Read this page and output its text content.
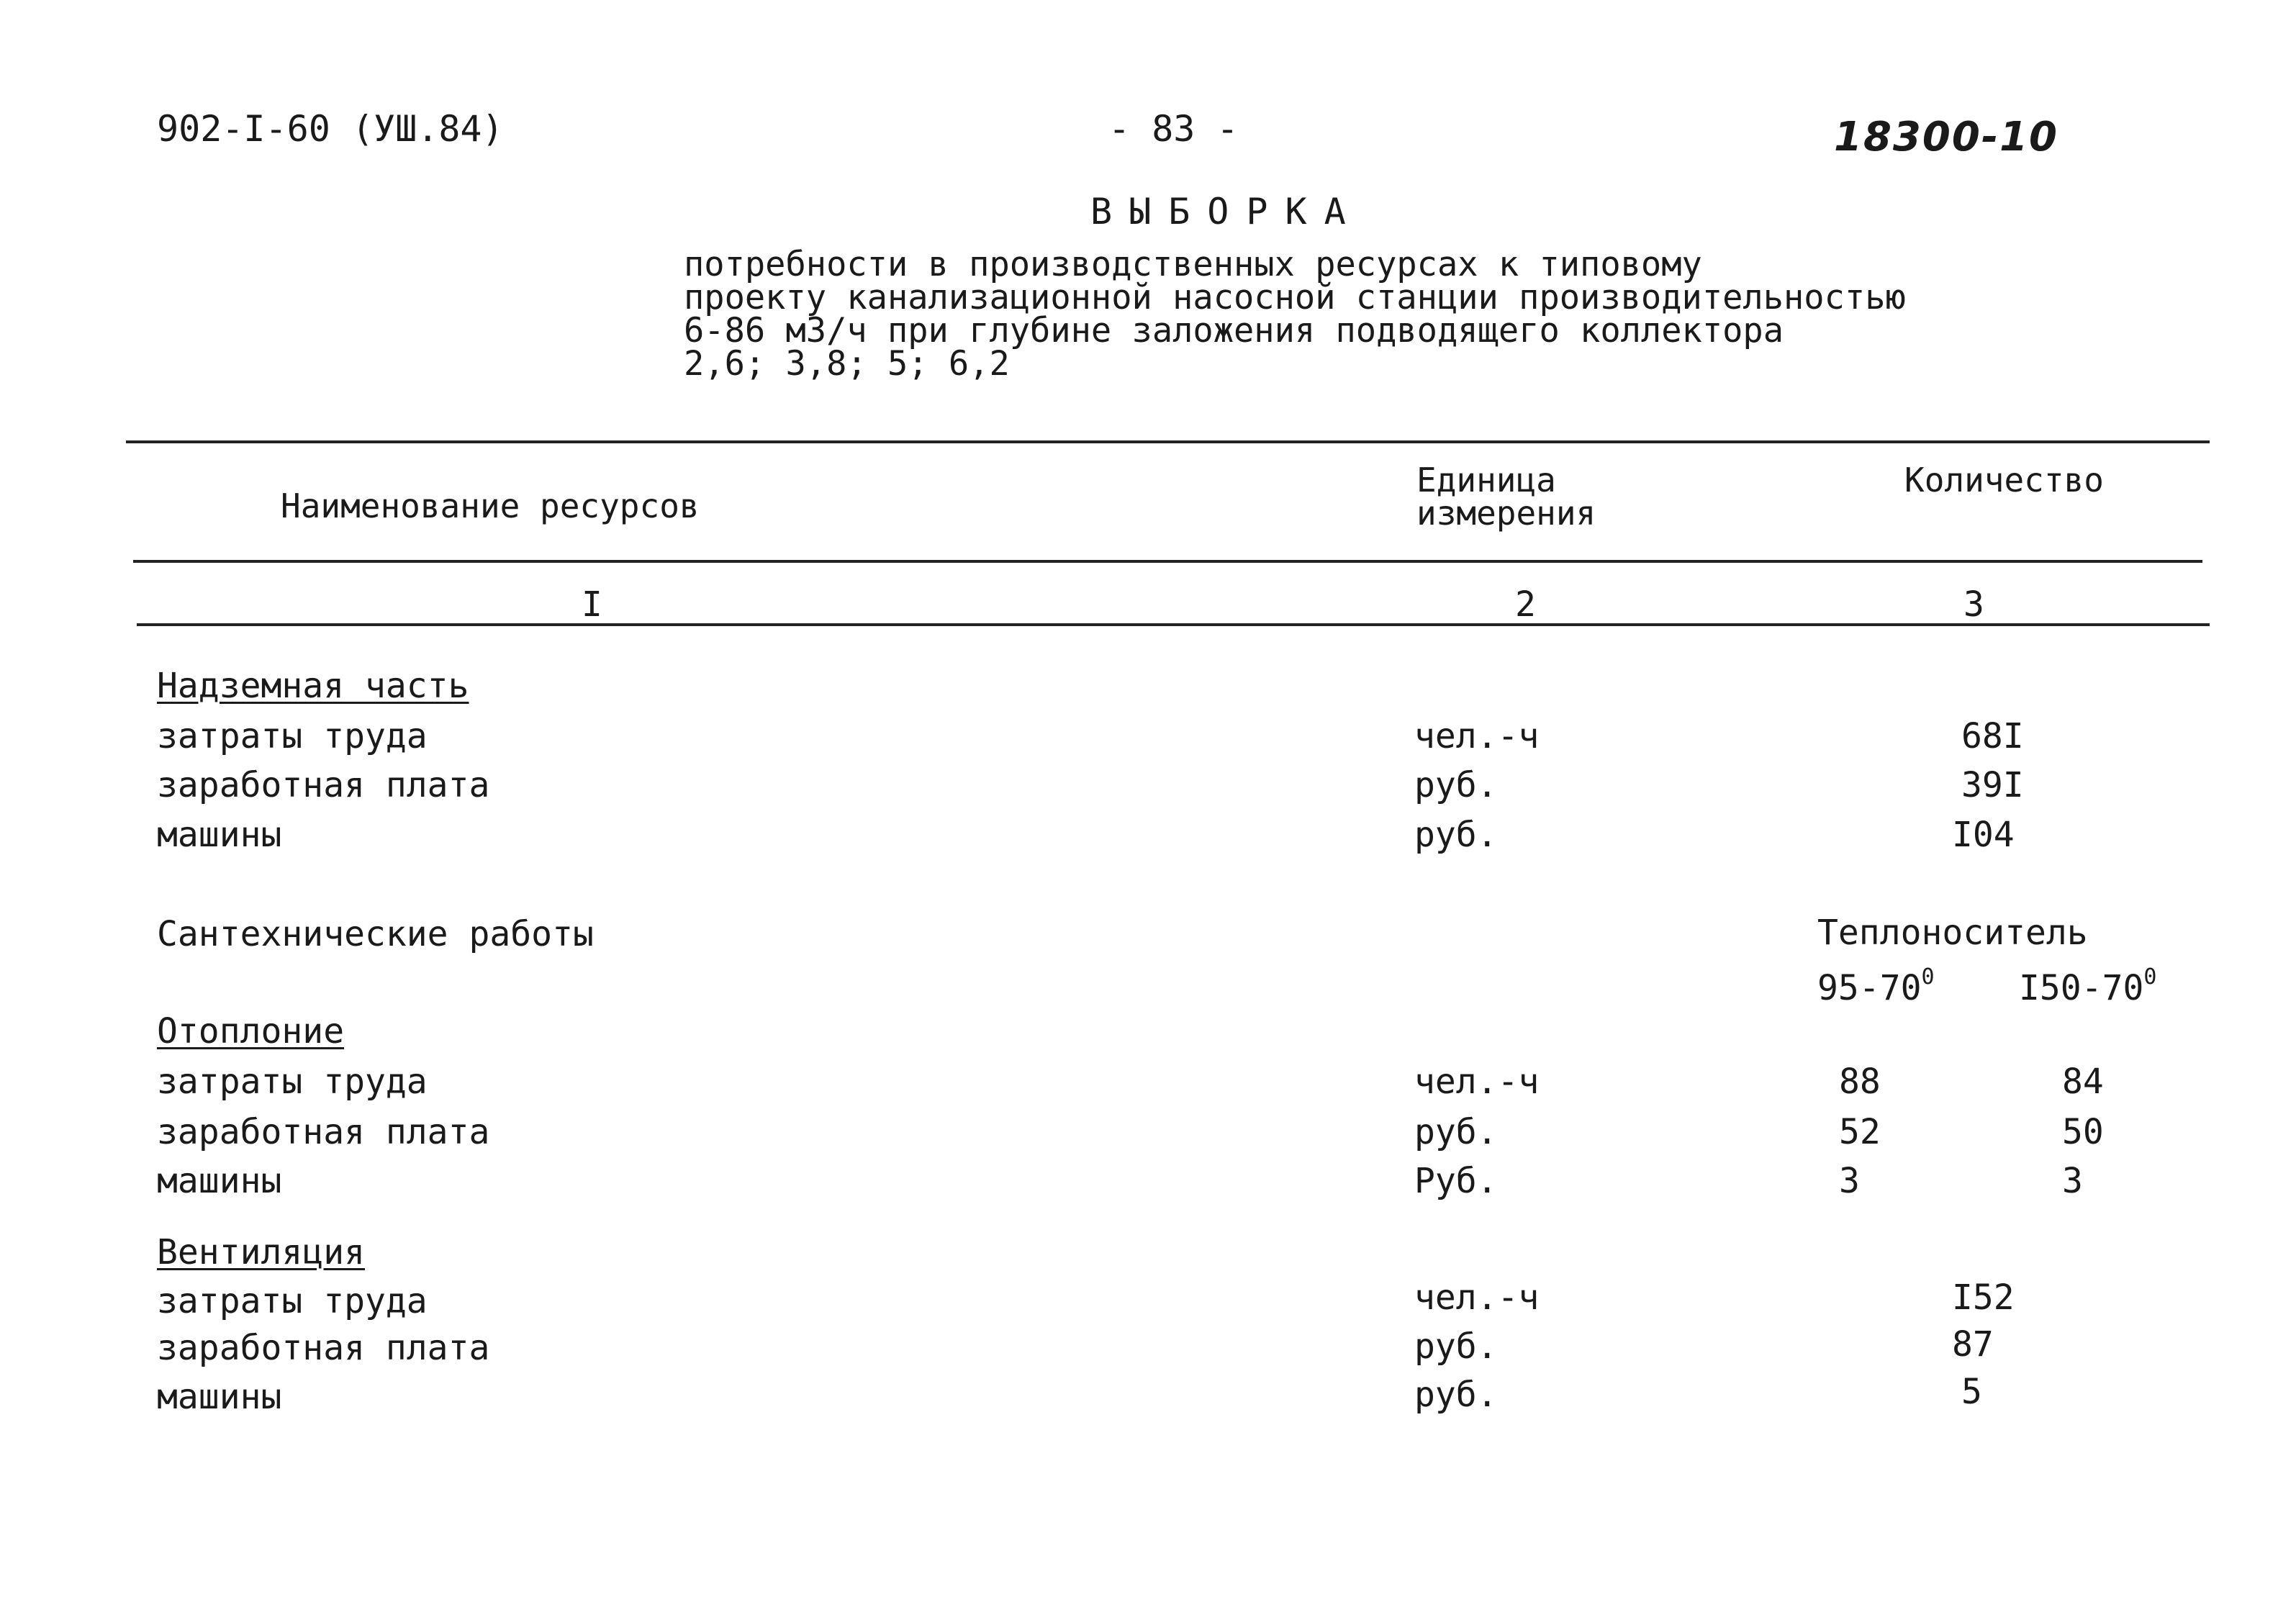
902-I-60 (УШ.84)	- 83 -	18300-10
ВЫБОРКА
потребности в производственных ресурсах к типовому
проекту канализационной насосной станции производительностью
6-86 м3/ч при глубине заложения подводящего коллектора
2,6; 3,8; 5; 6,2
Наименование ресурсов
Единица
измерения
Количество
I	2	3
Надземная часть
затраты труда	чел.-ч	68I
заработная плата	руб.	39I
машины	руб.	I04
Сантехнические работы	Теплоноситель
$95-70^0$ $I50-70^0$
Отоплоние
затраты труда	чел.-ч	88	84
заработная плата	руб.	52	50
машины	Руб.	3	3
Вентиляция
затраты труда	чел.-ч	I52
заработная плата	руб.	87
машины	руб.	5
